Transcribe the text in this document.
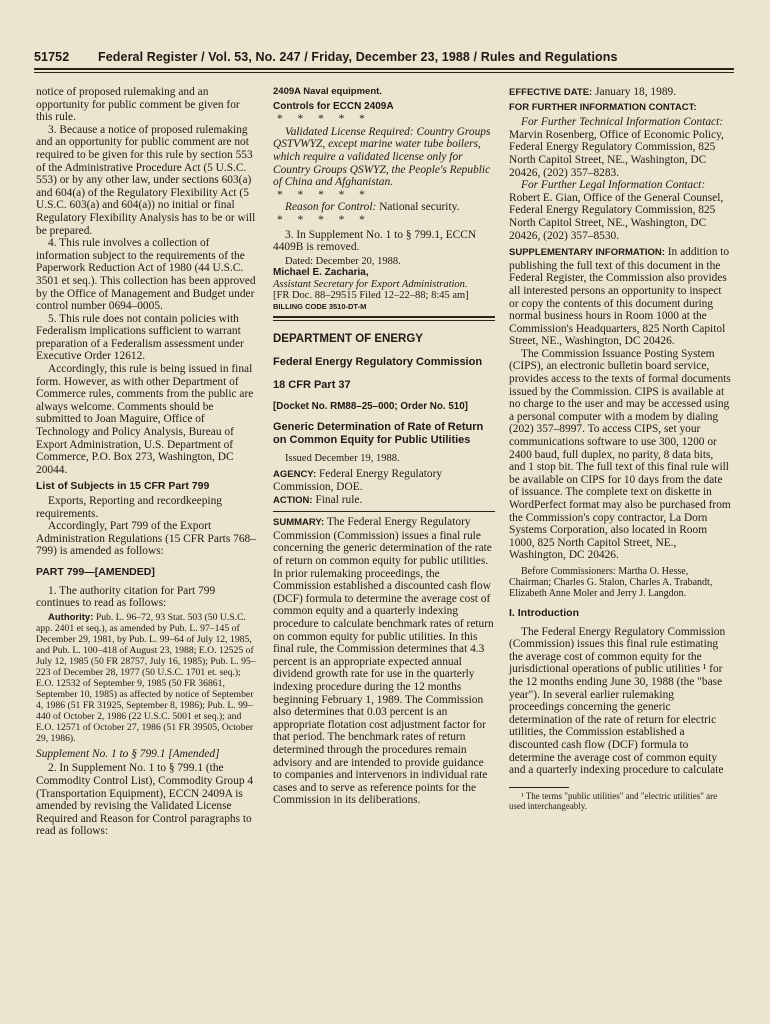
51752 Federal Register / Vol. 53, No. 247 / Friday, December 23, 1988 / Rules and Regulations

notice of proposed rulemaking and an opportunity for public comment be given for this rule.

3. Because a notice of proposed rulemaking and an opportunity for public comment are not required to be given for this rule by section 553 of the Administrative Procedure Act (5 U.S.C. 553) or by any other law, under sections 603(a) and 604(a) of the Regulatory Flexibility Act (5 U.S.C. 603(a) and 604(a)) no initial or final Regulatory Flexibility Analysis has to be or will be prepared.

4. This rule involves a collection of information subject to the requirements of the Paperwork Reduction Act of 1980 (44 U.S.C. 3501 et seq.). This collection has been approved by the Office of Management and Budget under control number 0694–0005.

5. This rule does not contain policies with Federalism implications sufficient to warrant preparation of a Federalism assessment under Executive Order 12612.

Accordingly, this rule is being issued in final form. However, as with other Department of Commerce rules, comments from the public are always welcome. Comments should be submitted to Joan Maguire, Office of Technology and Policy Analysis, Bureau of Export Administration, U.S. Department of Commerce, P.O. Box 273, Washington, DC 20044.

List of Subjects in 15 CFR Part 799

Exports, Reporting and recordkeeping requirements.

Accordingly, Part 799 of the Export Administration Regulations (15 CFR Parts 768–799) is amended as follows:

PART 799—[AMENDED]

1. The authority citation for Part 799 continues to read as follows:

Authority: Pub. L. 96–72, 93 Stat. 503 (50 U.S.C. app. 2401 et seq.), as amended by Pub. L. 97–145 of December 29, 1981, by Pub. L. 99–64 of July 12, 1985, and Pub. L. 100–418 of August 23, 1988; E.O. 12525 of July 12, 1985 (50 FR 28757, July 16, 1985); Pub. L. 95–223 of December 28, 1977 (50 U.S.C. 1701 et. seq.); E.O. 12532 of September 9, 1985 (50 FR 36861, September 10, 1985) as affected by notice of September 4, 1986 (51 FR 31925, September 8, 1986); Pub. L. 99–440 of October 2, 1986 (22 U.S.C. 5001 et seq.); and E.O. 12571 of October 27, 1986 (51 FR 39505, October 29, 1986).

Supplement No. 1 to § 799.1 [Amended]

2. In Supplement No. 1 to § 799.1 (the Commodity Control List), Commodity Group 4 (Transportation Equipment), ECCN 2409A is amended by revising the Validated License Required and Reason for Control paragraphs to read as follows:

2409A Naval equipment.

Controls for ECCN 2409A

* * * * *

Validated License Required: Country Groups QSTVWYZ, except marine water tube boilers, which require a validated license only for Country Groups QSWYZ, the People's Republic of China and Afghanistan.

* * * * *

Reason for Control: National security.

* * * * *

3. In Supplement No. 1 to § 799.1, ECCN 4409B is removed.

Dated: December 20, 1988.

Michael E. Zacharia,

Assistant Secretary for Export Administration.

[FR Doc. 88–29515 Filed 12–22–88; 8:45 am]

BILLING CODE 3510-DT-M

DEPARTMENT OF ENERGY

Federal Energy Regulatory Commission

18 CFR Part 37

[Docket No. RM88–25–000; Order No. 510]

Generic Determination of Rate of Return on Common Equity for Public Utilities

Issued December 19, 1988.

AGENCY: Federal Energy Regulatory Commission, DOE.

ACTION: Final rule.

SUMMARY: The Federal Energy Regulatory Commission (Commission) issues a final rule concerning the generic determination of the rate of return on common equity for public utilities. In prior rulemaking proceedings, the Commission established a discounted cash flow (DCF) formula to determine the average cost of common equity and a quarterly indexing procedure to calculate benchmark rates of return on common equity for public utilities. In this final rule, the Commission determines that 4.3 percent is an appropriate expected annual dividend growth rate for use in the quarterly indexing procedure during the 12 months beginning February 1, 1989. The Commission also determines that 0.03 percent is an appropriate flotation cost adjustment factor for that period. The benchmark rates of return determined through the procedures remain advisory and are intended to provide guidance to companies and intervenors in individual rate cases and to serve as reference points for the Commission in its deliberations.

EFFECTIVE DATE: January 18, 1989.

FOR FURTHER INFORMATION CONTACT:

For Further Technical Information Contact: Marvin Rosenberg, Office of Economic Policy, Federal Energy Regulatory Commission, 825 North Capitol Street, NE., Washington, DC 20426, (202) 357–8283.

For Further Legal Information Contact: Robert E. Gian, Office of the General Counsel, Federal Energy Regulatory Commission, 825 North Capitol Street, NE., Washington, DC 20426, (202) 357–8530.

SUPPLEMENTARY INFORMATION: In addition to publishing the full text of this document in the Federal Register, the Commission also provides all interested persons an opportunity to inspect or copy the contents of this document during normal business hours in Room 1000 at the Commission's Headquarters, 825 North Capitol Street, NE., Washington, DC 20426.

The Commission Issuance Posting System (CIPS), an electronic bulletin board service, provides access to the texts of formal documents issued by the Commission. CIPS is available at no charge to the user and may be accessed using a personal computer with a modem by dialing (202) 357–8997. To access CIPS, set your communications software to use 300, 1200 or 2400 baud, full duplex, no parity, 8 data bits, and 1 stop bit. The full text of this final rule will be available on CIPS for 10 days from the date of issuance. The complete text on diskette in WordPerfect format may also be purchased from the Commission's copy contractor, La Dorn Systems Corporation, also located in Room 1000, 825 North Capitol Street, NE., Washington, DC 20426.

Before Commissioners: Martha O. Hesse, Chairman; Charles G. Stalon, Charles A. Trabandt, Elizabeth Anne Moler and Jerry J. Langdon.

I. Introduction

The Federal Energy Regulatory Commission (Commission) issues this final rule estimating the average cost of common equity for the jurisdictional operations of public utilities ¹ for the 12 months ending June 30, 1988 (the "base year"). In several earlier rulemaking proceedings concerning the generic determination of the rate of return for electric utilities, the Commission established a discounted cash flow (DCF) formula to determine the average cost of common equity and a quarterly indexing procedure to calculate

¹ The terms "public utilities" and "electric utilities" are used interchangeably.
